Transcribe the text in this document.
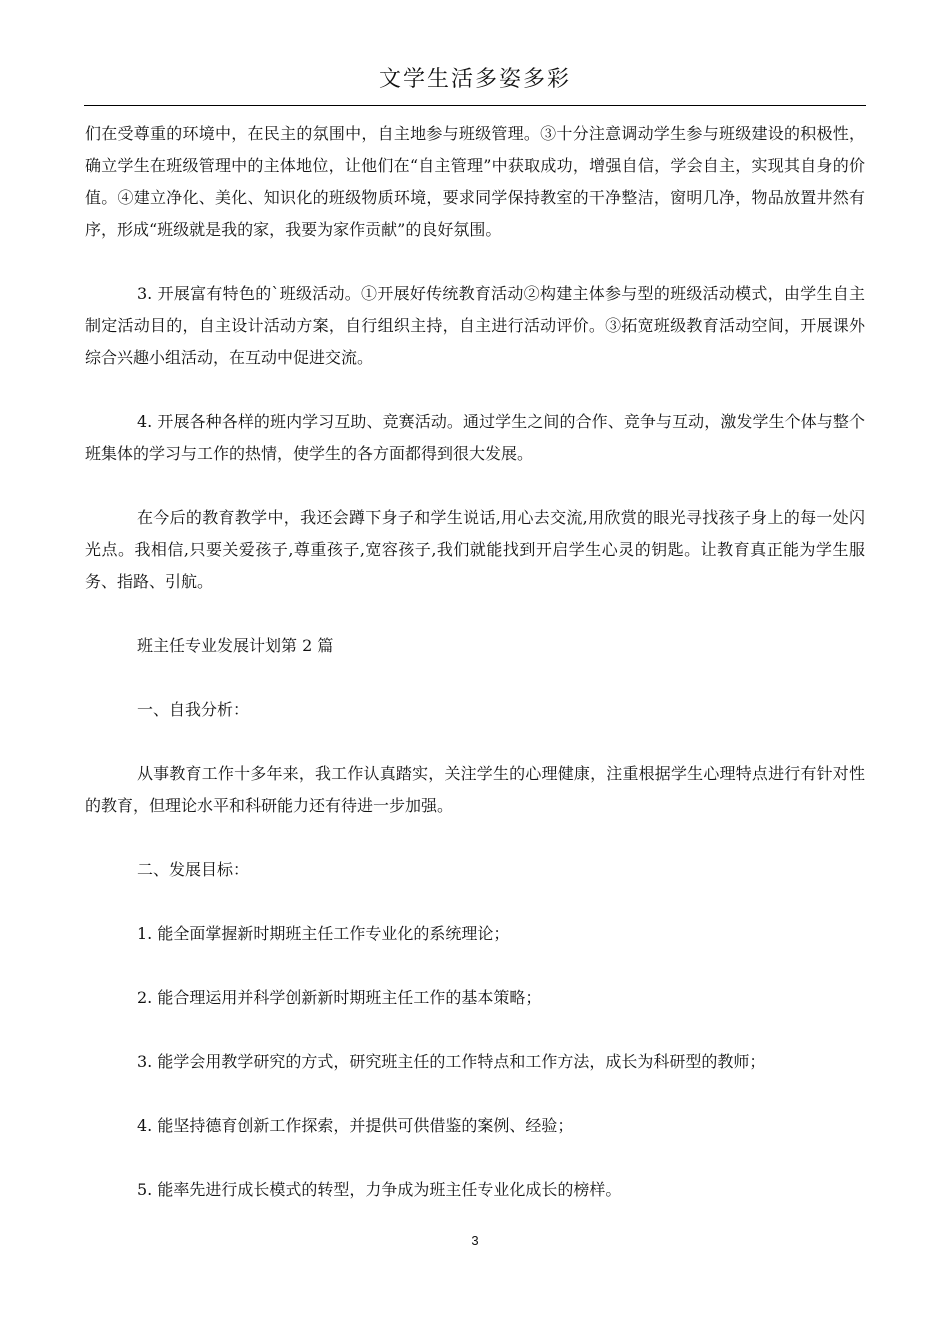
文学生活多姿多彩

们在受尊重的环境中，在民主的氛围中，自主地参与班级管理。③十分注意调动学生参与班级建设的积极性，确立学生在班级管理中的主体地位，让他们在“自主管理”中获取成功，增强自信，学会自主，实现其自身的价值。④建立净化、美化、知识化的班级物质环境，要求同学保持教室的干净整洁，窗明几净，物品放置井然有序，形成“班级就是我的家，我要为家作贡献”的良好氛围。

3. 开展富有特色的`班级活动。①开展好传统教育活动②构建主体参与型的班级活动模式，由学生自主制定活动目的，自主设计活动方案，自行组织主持，自主进行活动评价。③拓宽班级教育活动空间，开展课外综合兴趣小组活动，在互动中促进交流。

4. 开展各种各样的班内学习互助、竞赛活动。通过学生之间的合作、竞争与互动，激发学生个体与整个班集体的学习与工作的热情，使学生的各方面都得到很大发展。

在今后的教育教学中，我还会蹲下身子和学生说话,用心去交流,用欣赏的眼光寻找孩子身上的每一处闪光点。我相信,只要关爱孩子,尊重孩子,宽容孩子,我们就能找到开启学生心灵的钥匙。让教育真正能为学生服务、指路、引航。

班主任专业发展计划第 2 篇

一、自我分析：

从事教育工作十多年来，我工作认真踏实，关注学生的心理健康，注重根据学生心理特点进行有针对性的教育，但理论水平和科研能力还有待进一步加强。

二、发展目标：

1. 能全面掌握新时期班主任工作专业化的系统理论；

2. 能合理运用并科学创新新时期班主任工作的基本策略；

3. 能学会用教学研究的方式，研究班主任的工作特点和工作方法，成长为科研型的教师；

4. 能坚持德育创新工作探索，并提供可供借鉴的案例、经验；

5. 能率先进行成长模式的转型，力争成为班主任专业化成长的榜样。

3
